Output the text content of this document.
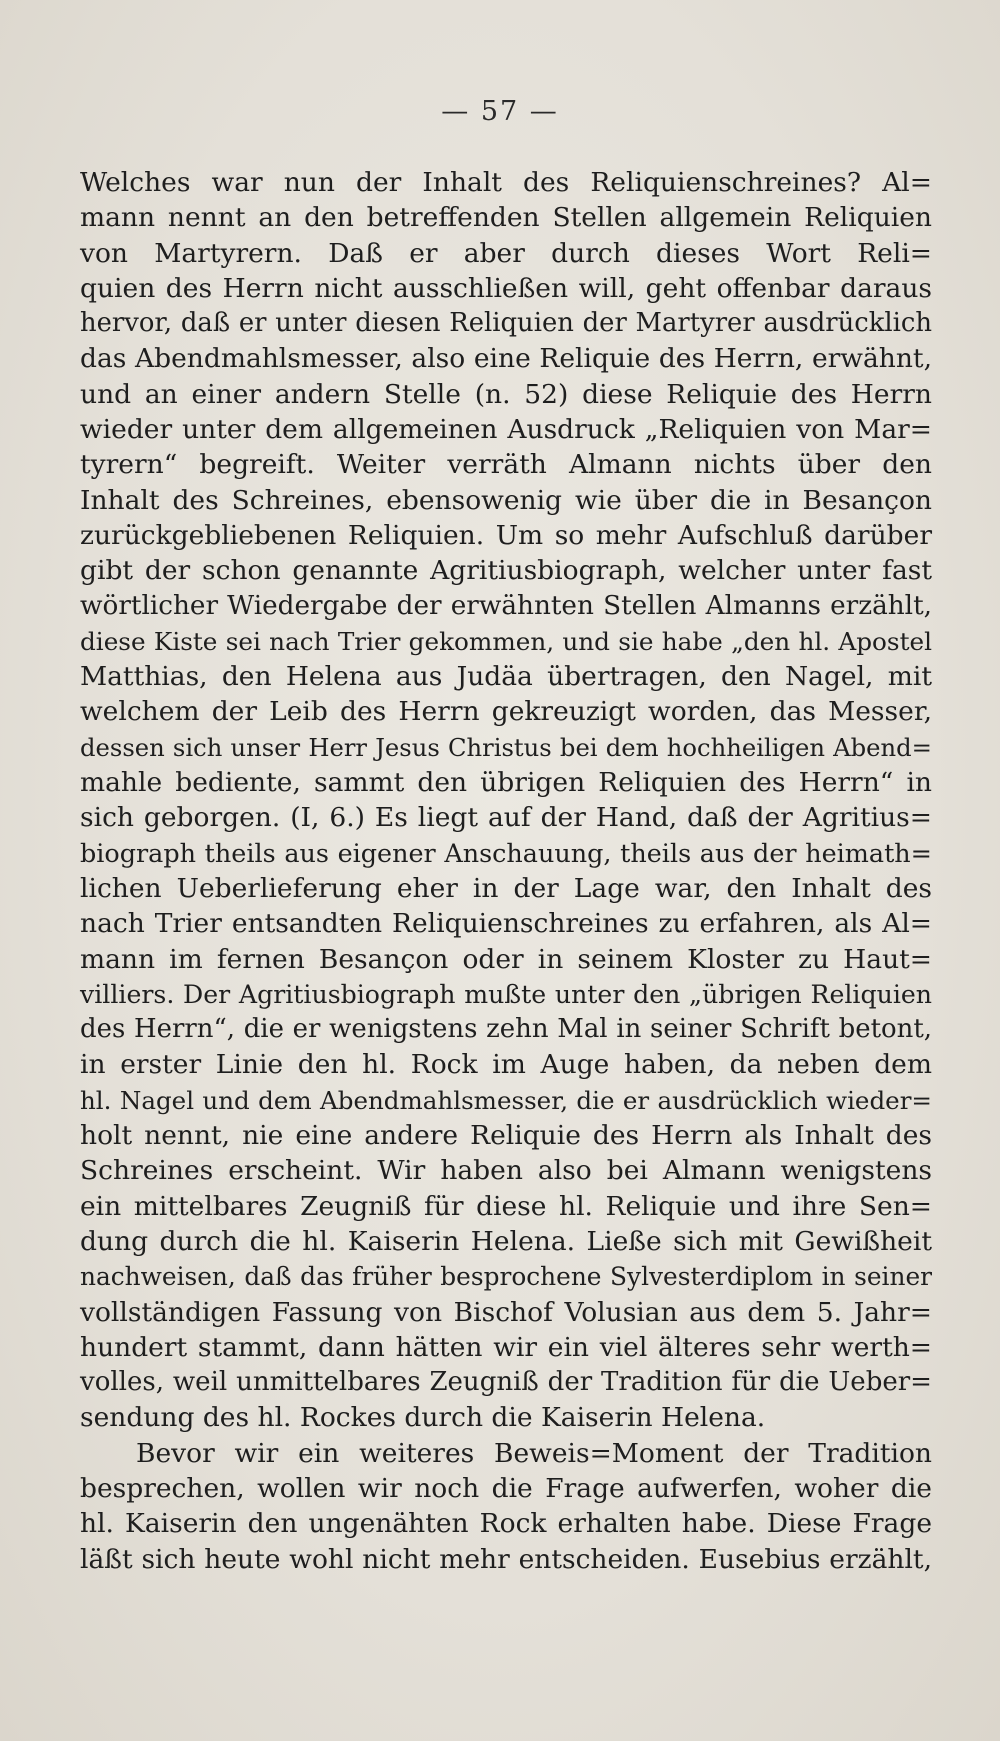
— 57 —
Welches war nun der Inhalt des Reliquienschreines? Al=
mann nennt an den betreffenden Stellen allgemein Reliquien
von Martyrern. Daß er aber durch dieses Wort Reli=
quien des Herrn nicht ausschließen will, geht offenbar daraus
hervor, daß er unter diesen Reliquien der Martyrer ausdrücklich
das Abendmahlsmesser, also eine Reliquie des Herrn, erwähnt,
und an einer andern Stelle (n. 52) diese Reliquie des Herrn
wieder unter dem allgemeinen Ausdruck „Reliquien von Mar=
tyrern“ begreift. Weiter verräth Almann nichts über den
Inhalt des Schreines, ebensowenig wie über die in Besançon
zurückgebliebenen Reliquien. Um so mehr Aufschluß darüber
gibt der schon genannte Agritiusbiograph, welcher unter fast
wörtlicher Wiedergabe der erwähnten Stellen Almanns erzählt,
diese Kiste sei nach Trier gekommen, und sie habe „den hl. Apostel
Matthias, den Helena aus Judäa übertragen, den Nagel, mit
welchem der Leib des Herrn gekreuzigt worden, das Messer,
dessen sich unser Herr Jesus Christus bei dem hochheiligen Abend=
mahle bediente, sammt den übrigen Reliquien des Herrn“ in
sich geborgen. (I, 6.) Es liegt auf der Hand, daß der Agritius=
biograph theils aus eigener Anschauung, theils aus der heimath=
lichen Ueberlieferung eher in der Lage war, den Inhalt des
nach Trier entsandten Reliquienschreines zu erfahren, als Al=
mann im fernen Besançon oder in seinem Kloster zu Haut=
villiers. Der Agritiusbiograph mußte unter den „übrigen Reliquien
des Herrn“, die er wenigstens zehn Mal in seiner Schrift betont,
in erster Linie den hl. Rock im Auge haben, da neben dem
hl. Nagel und dem Abendmahlsmesser, die er ausdrücklich wieder=
holt nennt, nie eine andere Reliquie des Herrn als Inhalt des
Schreines erscheint. Wir haben also bei Almann wenigstens
ein mittelbares Zeugniß für diese hl. Reliquie und ihre Sen=
dung durch die hl. Kaiserin Helena. Ließe sich mit Gewißheit
nachweisen, daß das früher besprochene Sylvesterdiplom in seiner
vollständigen Fassung von Bischof Volusian aus dem 5. Jahr=
hundert stammt, dann hätten wir ein viel älteres sehr werth=
volles, weil unmittelbares Zeugniß der Tradition für die Ueber=
sendung des hl. Rockes durch die Kaiserin Helena.
Bevor wir ein weiteres Beweis=Moment der Tradition
besprechen, wollen wir noch die Frage aufwerfen, woher die
hl. Kaiserin den ungenähten Rock erhalten habe. Diese Frage
läßt sich heute wohl nicht mehr entscheiden. Eusebius erzählt,
